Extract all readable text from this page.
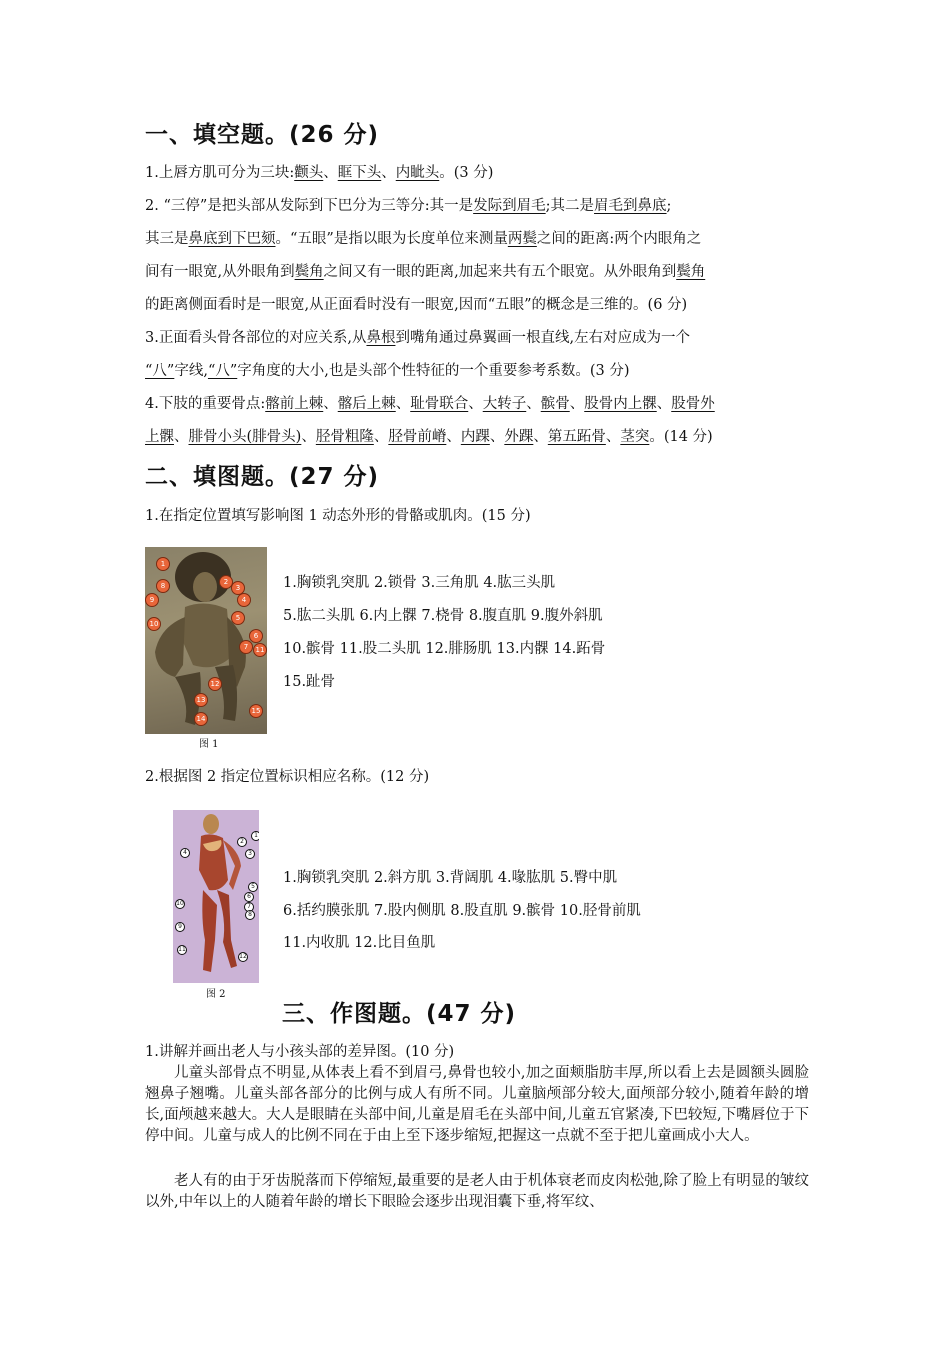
一、填空题。(26 分)
1.上唇方肌可分为三块:颧头、眶下头、内眦头。(3 分)
2. “三停”是把头部从发际到下巴分为三等分:其一是发际到眉毛;其二是眉毛到鼻底;
其三是鼻底到下巴颏。“五眼”是指以眼为长度单位来测量两鬓之间的距离:两个内眼角之
间有一眼宽,从外眼角到鬓角之间又有一眼的距离,加起来共有五个眼宽。从外眼角到鬓角
的距离侧面看时是一眼宽,从正面看时没有一眼宽,因而“五眼”的概念是三维的。(6 分)
3.正面看头骨各部位的对应关系,从鼻根到嘴角通过鼻翼画一根直线,左右对应成为一个
“八”字线,“八”字角度的大小,也是头部个性特征的一个重要参考系数。(3 分)
4.下肢的重要骨点:髂前上棘、髂后上棘、耻骨联合、大转子、髌骨、股骨内上髁、股骨外
上髁、腓骨小头(腓骨头)、胫骨粗隆、胫骨前嵴、内踝、外踝、第五跖骨、茎突。(14 分)
二、填图题。(27 分)
1.在指定位置填写影响图 1 动态外形的骨骼或肌肉。(15 分)
1
8
9
10
2
3
4
5
6
7	11
12
13
14
15
图 1
1.胸锁乳突肌 2.锁骨 3.三角肌 4.肱三头肌
5.肱二头肌 6.内上髁 7.桡骨 8.腹直肌 9.腹外斜肌
10.髌骨 11.股二头肌 12.腓肠肌 13.内髁 14.跖骨
15.趾骨
2.根据图 2 指定位置标识相应名称。(12 分)
1
2
3
4
5
6
7
8
9
10
11
12
图 2
1.胸锁乳突肌 2.斜方肌 3.背阔肌 4.喙肱肌 5.臀中肌
6.括约膜张肌 7.股内侧肌 8.股直肌 9.髌骨 10.胫骨前肌
11.内收肌 12.比目鱼肌
三、作图题。(47 分)
1.讲解并画出老人与小孩头部的差异图。(10 分)
儿童头部骨点不明显,从体表上看不到眉弓,鼻骨也较小,加之面颊脂肪丰厚,所以看上去是圆额头圆脸翘鼻子翘嘴。儿童头部各部分的比例与成人有所不同。儿童脑颅部分较大,面颅部分较小,随着年龄的增长,面颅越来越大。大人是眼睛在头部中间,儿童是眉毛在头部中间,儿童五官紧凑,下巴较短,下嘴唇位于下停中间。儿童与成人的比例不同在于由上至下逐步缩短,把握这一点就不至于把儿童画成小大人。
老人有的由于牙齿脱落而下停缩短,最重要的是老人由于机体衰老而皮肉松弛,除了脸上有明显的皱纹以外,中年以上的人随着年龄的增长下眼睑会逐步出现泪囊下垂,将军纹、
